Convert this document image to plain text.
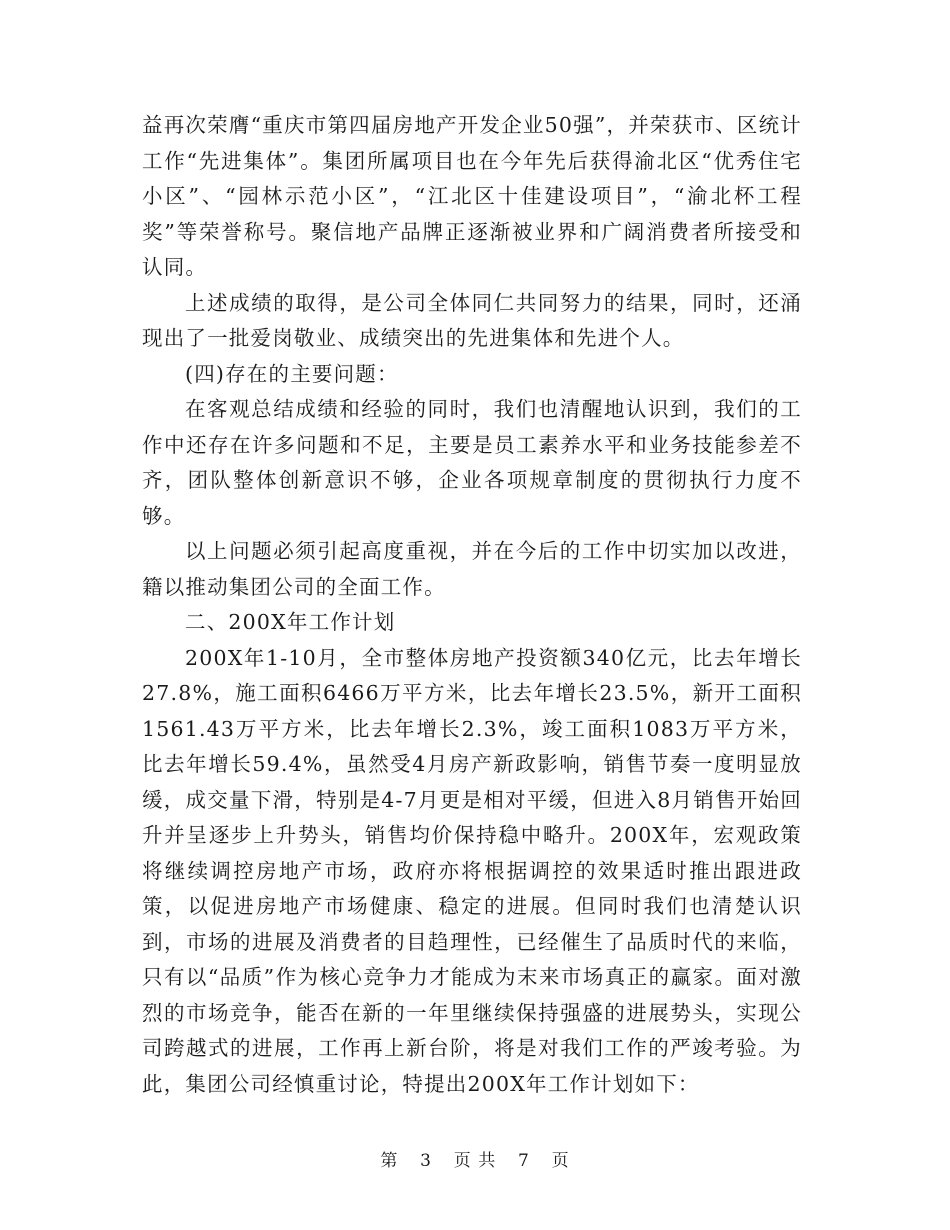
益再次荣膺“重庆市第四届房地产开发企业50强”，并荣获市、区统计工作“先进集体”。集团所属项目也在今年先后获得渝北区“优秀住宅小区”、“园林示范小区”，“江北区十佳建设项目”，“渝北杯工程奖”等荣誉称号。聚信地产品牌正逐渐被业界和广阔消费者所接受和认同。

上述成绩的取得，是公司全体同仁共同努力的结果，同时，还涌现出了一批爱岗敬业、成绩突出的先进集体和先进个人。

(四)存在的主要问题：

在客观总结成绩和经验的同时，我们也清醒地认识到，我们的工作中还存在许多问题和不足，主要是员工素养水平和业务技能参差不齐，团队整体创新意识不够，企业各项规章制度的贯彻执行力度不够。

以上问题必须引起高度重视，并在今后的工作中切实加以改进，籍以推动集团公司的全面工作。

二、200X年工作计划

200X年1-10月，全市整体房地产投资额340亿元，比去年增长27.8%，施工面积6466万平方米，比去年增长23.5%，新开工面积1561.43万平方米，比去年增长2.3%，竣工面积1083万平方米，比去年增长59.4%，虽然受4月房产新政影响，销售节奏一度明显放缓，成交量下滑，特别是4-7月更是相对平缓，但进入8月销售开始回升并呈逐步上升势头，销售均价保持稳中略升。200X年，宏观政策将继续调控房地产市场，政府亦将根据调控的效果适时推出跟进政策，以促进房地产市场健康、稳定的进展。但同时我们也清楚认识到，市场的进展及消费者的目趋理性，已经催生了品质时代的来临，只有以“品质”作为核心竞争力才能成为末来市场真正的赢家。面对激烈的市场竞争，能否在新的一年里继续保持强盛的进展势头，实现公司跨越式的进展，工作再上新台阶，将是对我们工作的严竣考验。为此，集团公司经慎重讨论，特提出200X年工作计划如下：

第 3 页 共 7 页
